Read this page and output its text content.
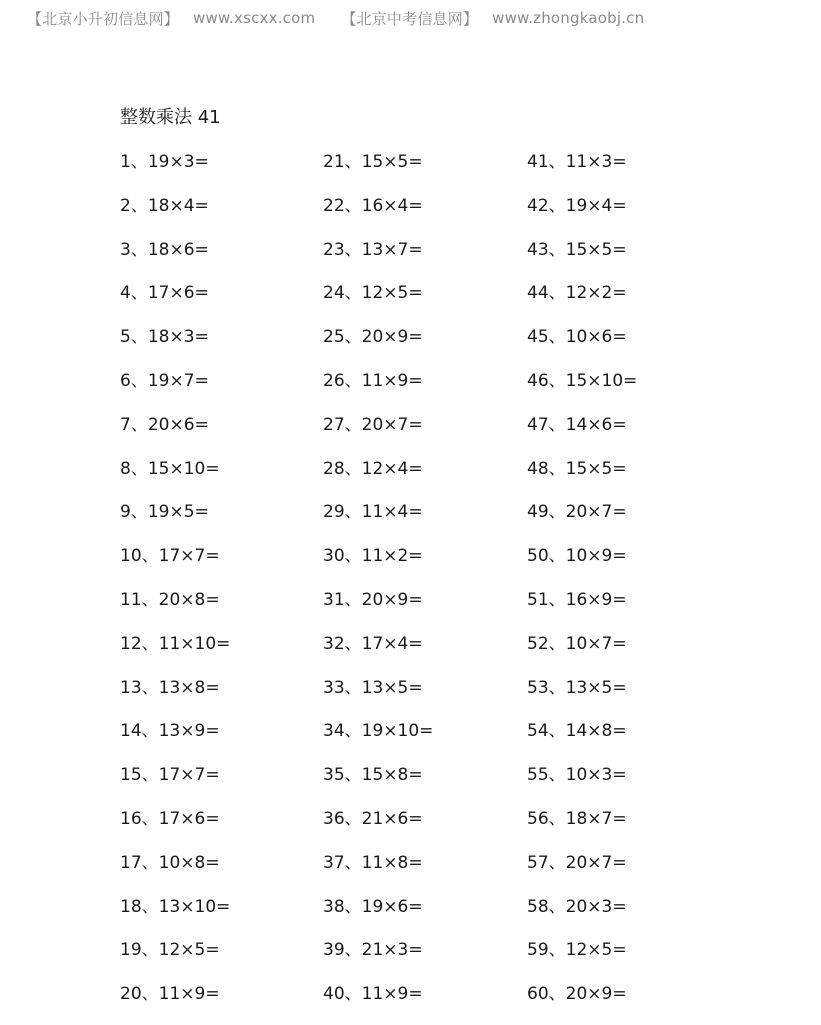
【北京小升初信息网】 www.xscxx.com 【北京中考信息网】 www.zhongkaobj.cn
整数乘法 41
1、19×3=
2、18×4=
3、18×6=
4、17×6=
5、18×3=
6、19×7=
7、20×6=
8、15×10=
9、19×5=
10、17×7=
11、20×8=
12、11×10=
13、13×8=
14、13×9=
15、17×7=
16、17×6=
17、10×8=
18、13×10=
19、12×5=
20、11×9=
21、15×5=
22、16×4=
23、13×7=
24、12×5=
25、20×9=
26、11×9=
27、20×7=
28、12×4=
29、11×4=
30、11×2=
31、20×9=
32、17×4=
33、13×5=
34、19×10=
35、15×8=
36、21×6=
37、11×8=
38、19×6=
39、21×3=
40、11×9=
41、11×3=
42、19×4=
43、15×5=
44、12×2=
45、10×6=
46、15×10=
47、14×6=
48、15×5=
49、20×7=
50、10×9=
51、16×9=
52、10×7=
53、13×5=
54、14×8=
55、10×3=
56、18×7=
57、20×7=
58、20×3=
59、12×5=
60、20×9=
